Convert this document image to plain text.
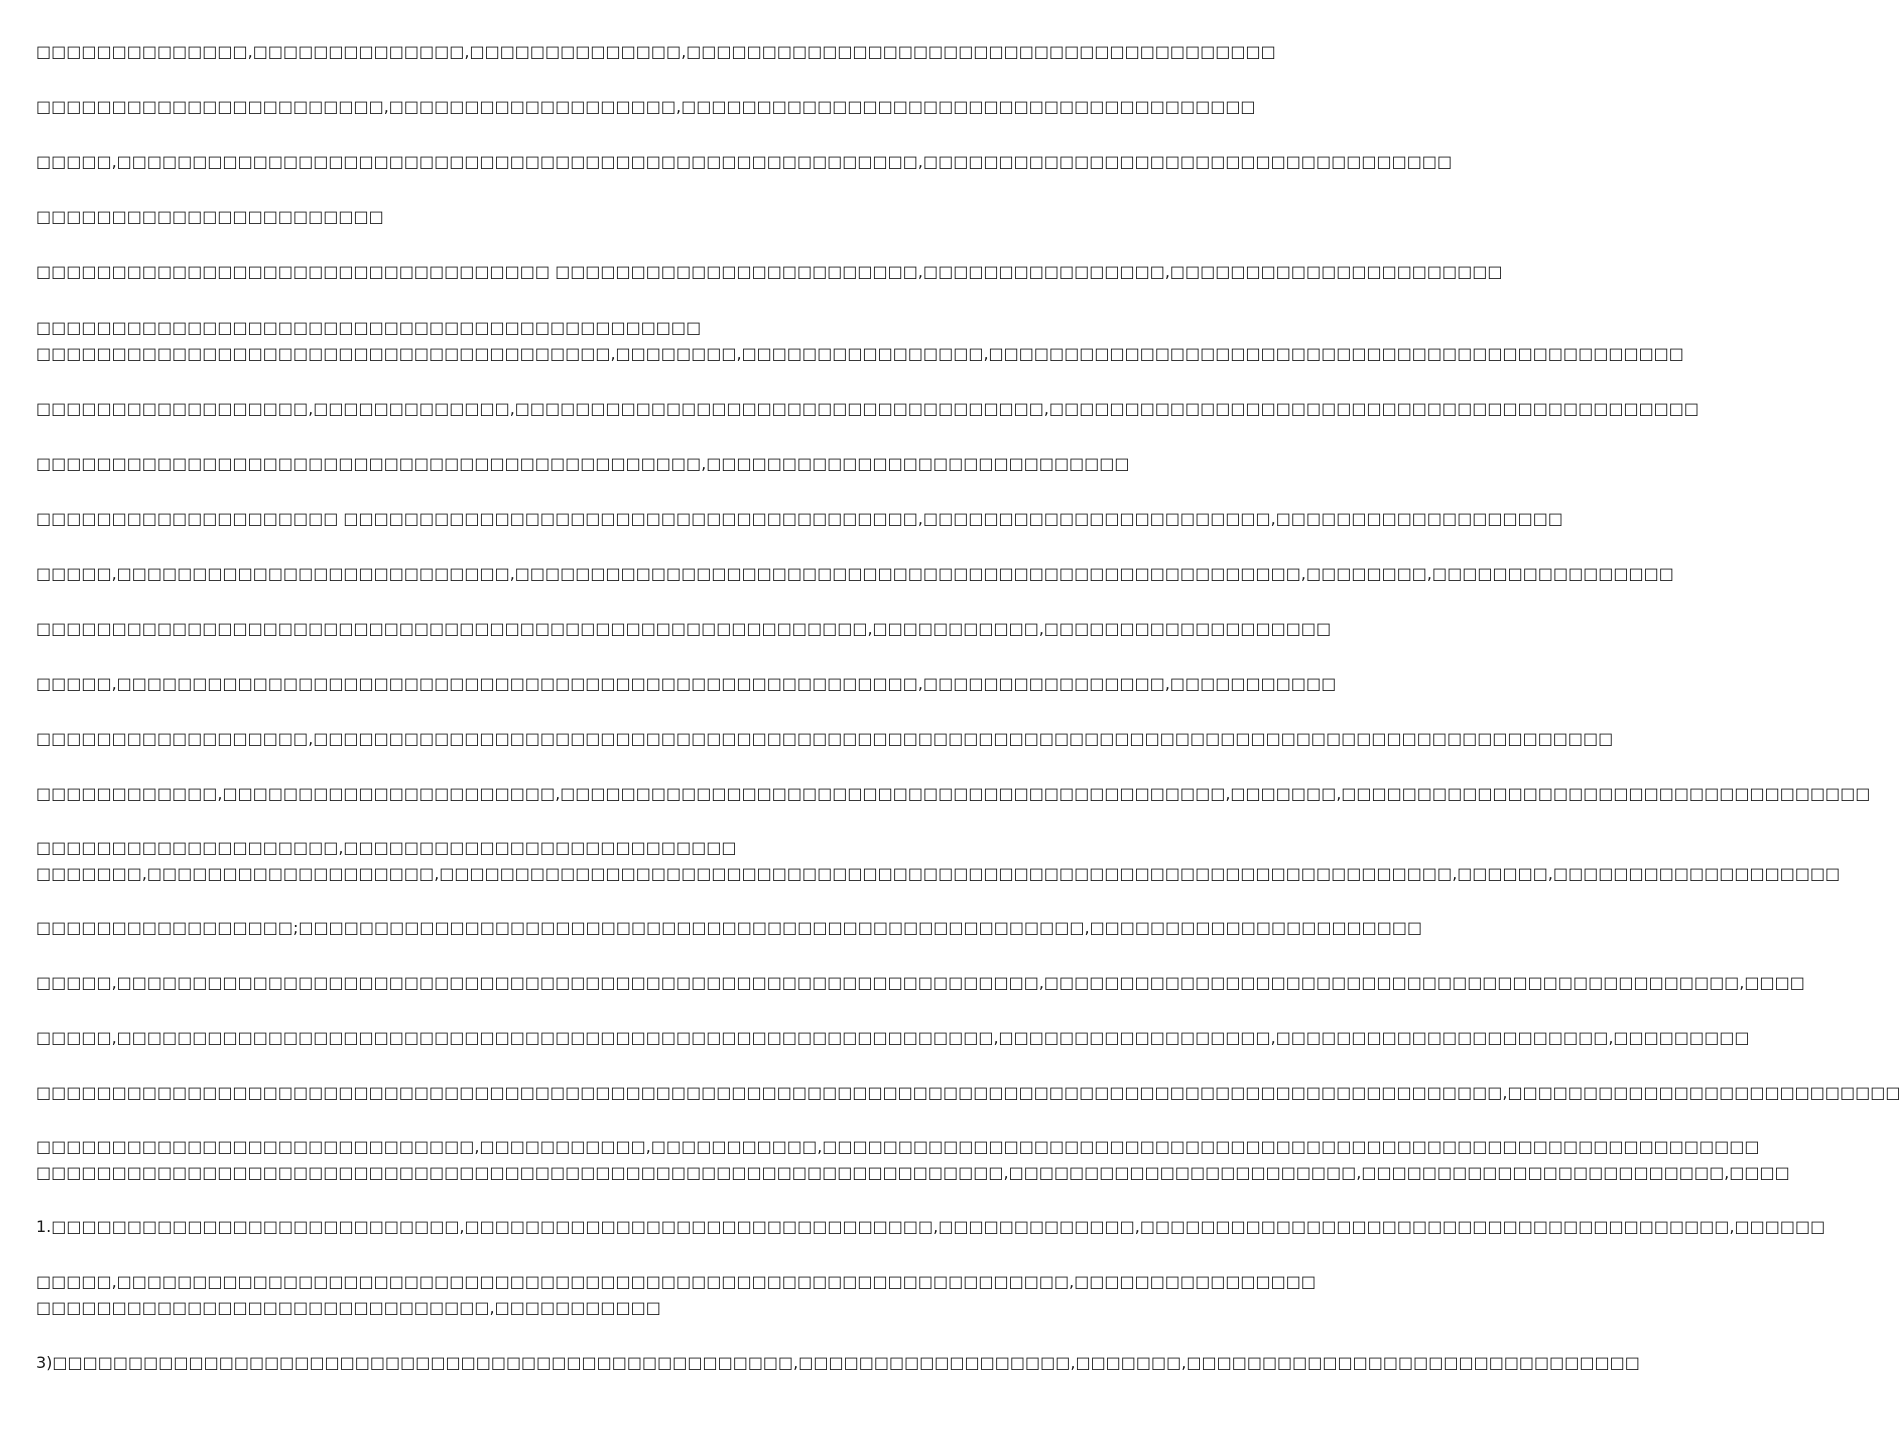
□□□□□□□□□□□□□□,□□□□□□□□□□□□□□,□□□□□□□□□□□□□□,□□□□□□□□□□□□□□□□□□□□□□□□□□□□□□□□□□□□□□□
□□□□□□□□□□□□□□□□□□□□□□□,□□□□□□□□□□□□□□□□□□□,□□□□□□□□□□□□□□□□□□□□□□□□□□□□□□□□□□□□□□
□□□□□,□□□□□□□□□□□□□□□□□□□□□□□□□□□□□□□□□□□□□□□□□□□□□□□□□□□□□,□□□□□□□□□□□□□□□□□□□□□□□□□□□□□□□□□□□
□□□□□□□□□□□□□□□□□□□□□□□
□□□□□□□□□□□□□□□□□□□□□□□□□□□□□□□□□□ □□□□□□□□□□□□□□□□□□□□□□□□,□□□□□□□□□□□□□□□□,□□□□□□□□□□□□□□□□□□□□□□
□□□□□□□□□□□□□□□□□□□□□□□□□□□□□□□□□□□□□□□□□□□□
□□□□□□□□□□□□□□□□□□□□□□□□□□□□□□□□□□□□□□,□□□□□□□□,□□□□□□□□□□□□□□□□,□□□□□□□□□□□□□□□□□□□□□□□□□□□□□□□□□□□□□□□□□□□□□□
□□□□□□□□□□□□□□□□□□,□□□□□□□□□□□□□,□□□□□□□□□□□□□□□□□□□□□□□□□□□□□□□□□□□,□□□□□□□□□□□□□□□□□□□□□□□□□□□□□□□□□□□□□□□□□□□
□□□□□□□□□□□□□□□□□□□□□□□□□□□□□□□□□□□□□□□□□□□□,□□□□□□□□□□□□□□□□□□□□□□□□□□□□
□□□□□□□□□□□□□□□□□□□□ □□□□□□□□□□□□□□□□□□□□□□□□□□□□□□□□□□□□□□,□□□□□□□□□□□□□□□□□□□□□□□,□□□□□□□□□□□□□□□□□□□
□□□□□,□□□□□□□□□□□□□□□□□□□□□□□□□□,□□□□□□□□□□□□□□□□□□□□□□□□□□□□□□□□□□□□□□□□□□□□□□□□□□□□,□□□□□□□□,□□□□□□□□□□□□□□□□
□□□□□□□□□□□□□□□□□□□□□□□□□□□□□□□□□□□□□□□□□□□□□□□□□□□□□□□,□□□□□□□□□□□,□□□□□□□□□□□□□□□□□□□
□□□□□,□□□□□□□□□□□□□□□□□□□□□□□□□□□□□□□□□□□□□□□□□□□□□□□□□□□□□,□□□□□□□□□□□□□□□□,□□□□□□□□□□□
□□□□□□□□□□□□□□□□□□,□□□□□□□□□□□□□□□□□□□□□□□□□□□□□□□□□□□□□□□□□□□□□□□□□□□□□□□□□□□□□□□□□□□□□□□□□□□□□□□□□□□□□□
□□□□□□□□□□□□,□□□□□□□□□□□□□□□□□□□□□□,□□□□□□□□□□□□□□□□□□□□□□□□□□□□□□□□□□□□□□□□□□□□,□□□□□□□,□□□□□□□□□□□□□□□□□□□□□□□□□□□□□□□□□□□
□□□□□□□□□□□□□□□□□□□□,□□□□□□□□□□□□□□□□□□□□□□□□□□
□□□□□□□,□□□□□□□□□□□□□□□□□□□,□□□□□□□□□□□□□□□□□□□□□□□□□□□□□□□□□□□□□□□□□□□□□□□□□□□□□□□□□□□□□□□□□□□,□□□□□□,□□□□□□□□□□□□□□□□□□□
□□□□□□□□□□□□□□□□□;□□□□□□□□□□□□□□□□□□□□□□□□□□□□□□□□□□□□□□□□□□□□□□□□□□□□,□□□□□□□□□□□□□□□□□□□□□□
□□□□□,□□□□□□□□□□□□□□□□□□□□□□□□□□□□□□□□□□□□□□□□□□□□□□□□□□□□□□□□□□□□□,□□□□□□□□□□□□□□□□□□□□□□□□□□□□□□□□□□□□□□□□□□□□□□,□□□□
□□□□□,□□□□□□□□□□□□□□□□□□□□□□□□□□□□□□□□□□□□□□□□□□□□□□□□□□□□□□□□□□,□□□□□□□□□□□□□□□□□□,□□□□□□□□□□□□□□□□□□□□□□,□□□□□□□□□
□□□□□□□□□□□□□□□□□□□□□□□□□□□□□□□□□□□□□□□□□□□□□□□□□□□□□□□□□□□□□□□□□□□□□□□□□□□□□□□□□□□□□□□□□□□□□□□□□,□□□□□□□□□□□□□□□□□□□□□□□□□□
□□□□□□□□□□□□□□□□□□□□□□□□□□□□□,□□□□□□□□□□□,□□□□□□□□□□□,□□□□□□□□□□□□□□□□□□□□□□□□□□□□□□□□□□□□□□□□□□□□□□□□□□□□□□□□□□□□□□
□□□□□□□□□□□□□□□□□□□□□□□□□□□□□□□□□□□□□□□□□□□□□□□□□□□□□□□□□□□□□□□□,□□□□□□□□□□□□□□□□□□□□□□□,□□□□□□□□□□□□□□□□□□□□□□□□,□□□□
1.□□□□□□□□□□□□□□□□□□□□□□□□□□□,□□□□□□□□□□□□□□□□□□□□□□□□□□□□□□□,□□□□□□□□□□□□□,□□□□□□□□□□□□□□□□□□□□□□□□□□□□□□□□□□□□□□□,□□□□□□
□□□□□,□□□□□□□□□□□□□□□□□□□□□□□□□□□□□□□□□□□□□□□□□□□□□□□□□□□□□□□□□□□□□□□,□□□□□□□□□□□□□□□□
□□□□□□□□□□□□□□□□□□□□□□□□□□□□□□,□□□□□□□□□□□
3)□□□□□□□□□□□□□□□□□□□□□□□□□□□□□□□□□□□□□□□□□□□□□□□□□,□□□□□□□□□□□□□□□□□□,□□□□□□□,□□□□□□□□□□□□□□□□□□□□□□□□□□□□□□
